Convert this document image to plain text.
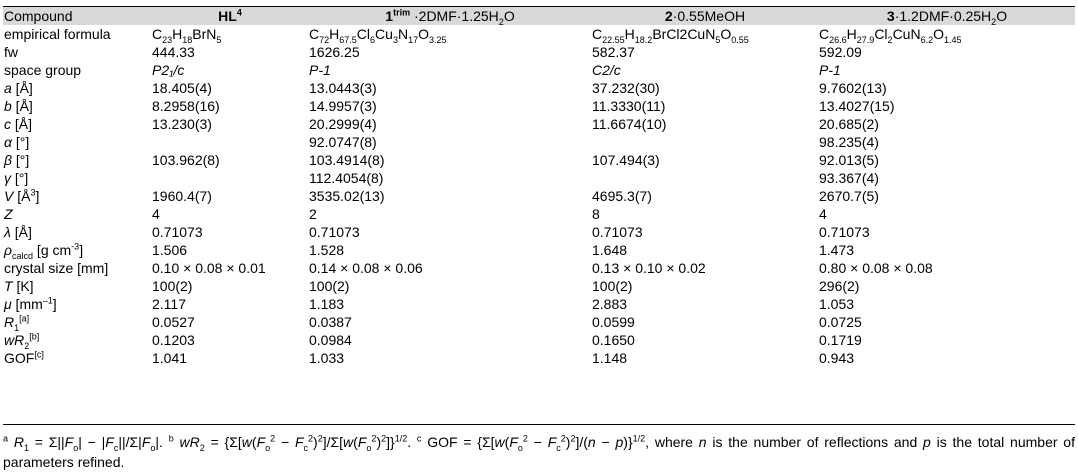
Compound	$HL^4$	$1^{trim} \cdot 2DMF\cdot 1.25H_2O$	2·0.55MeOH	$3\cdot 1.2DMF\cdot 0.25H_2O$
empirical formula	$C_{23}H_{18}BrN_5$	$C_{72}H_{67.5}Cl_6Cu_3N_{17}O_{3.25}$	$C_{22.55}H_{18.2}BrCl2CuN_5O_{0.55}$	$C_{26.6}H_{27.9}Cl_2CuN_{6.2}O_{1.45}$
fw	444.33	1626.25	582.37	592.09
space group	P2₁/c	P-1	C2/c	P-1
a [Å]	18.405(4)	13.0443(3)	37.232(30)	9.7602(13)
b [Å]	8.2958(16)	14.9957(3)	11.3330(11)	13.4027(15)
c [Å]	13.230(3)	20.2999(4)	11.6674(10)	20.685(2)
α [°]		92.0747(8)		98.235(4)
β [°]	103.962(8)	103.4914(8)	107.494(3)	92.013(5)
γ [°]		112.4054(8)		93.367(4)
V $[Å^3]$	1960.4(7)	3535.02(13)	4695.3(7)	2670.7(5)
Z	4	2	8	4
λ [Å]	0.71073	0.71073	0.71073	0.71073
$\rho_{calcd}$ [g $cm^{-3}$]	1.506	1.528	1.648	1.473
crystal size [mm]	0.10 × 0.08 × 0.01	0.14 × 0.08 × 0.06	0.13 × 0.10 × 0.02	0.80 × 0.08 × 0.08
T [K]	100(2)	100(2)	100(2)	296(2)
μ $[mm^{-1}]$	2.117	1.183	2.883	1.053
$R_1[a]$	0.0527	0.0387	0.0599	0.0725
$wR_2[b]$	0.1203	0.0984	0.1650	0.1719
GOF[c]	1.041	1.033	1.148	0.943
$^a$ $R_1 = \Sigma||F_o| - |F_c||/\Sigma|F_o|$. $^b$ $wR_2 = \{\Sigma[w(F_o^2 - F_c^2)^2]/\Sigma[w(F_o^2)^2]\}^{1/2}$. $^c$ GOF = $\{\Sigma[w(F_o^2 - F_c^2)^2]/(n - p)\}^{1/2}$, where n is the number of reflections and p is the total number of parameters refined.
